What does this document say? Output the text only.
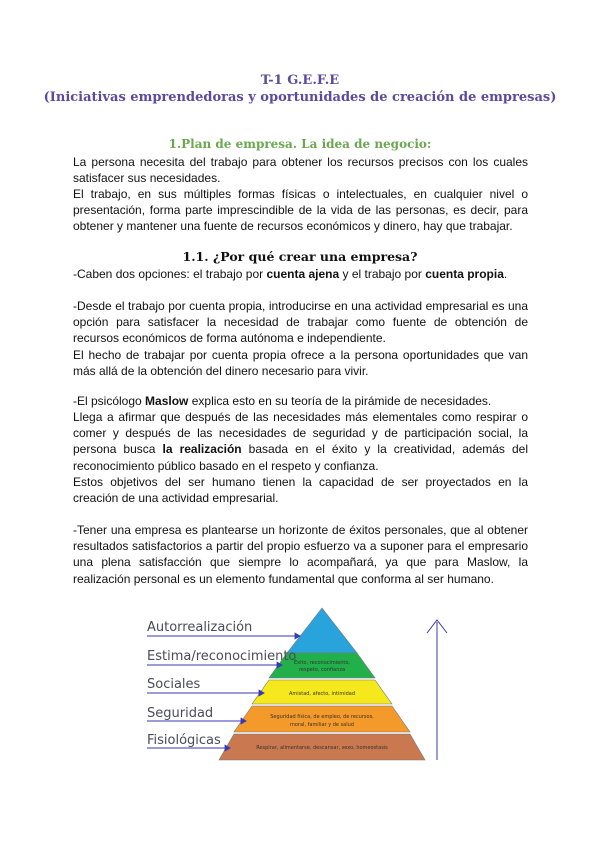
T-1 G.E.F.E

(Iniciativas emprendedoras y oportunidades de creación de empresas)

1.Plan de empresa. La idea de negocio:

La persona necesita del trabajo para obtener los recursos precisos con los cuales satisfacer sus necesidades.

El trabajo, en sus múltiples formas físicas o intelectuales, en cualquier nivel o presentación, forma parte imprescindible de la vida de las personas, es decir, para obtener y mantener una fuente de recursos económicos y dinero, hay que trabajar.

1.1. ¿Por qué crear una empresa?

-Caben dos opciones: el trabajo por cuenta ajena y el trabajo por cuenta propia.

-Desde el trabajo por cuenta propia, introducirse en una actividad empresarial es una opción para satisfacer la necesidad de trabajar como fuente de obtención de recursos económicos de forma autónoma e independiente.

El hecho de trabajar por cuenta propia ofrece a la persona oportunidades que van más allá de la obtención del dinero necesario para vivir.

-El psicólogo Maslow explica esto en su teoría de la pirámide de necesidades.

Llega a afirmar que después de las necesidades más elementales como respirar o comer y después de las necesidades de seguridad y de participación social, la persona busca la realización basada en el éxito y la creatividad, además del reconocimiento público basado en el respeto y confianza.

Estos objetivos del ser humano tienen la capacidad de ser proyectados en la creación de una actividad empresarial.

-Tener una empresa es plantearse un horizonte de éxitos personales, que al obtener resultados satisfactorios a partir del propio esfuerzo va a suponer para el empresario una plena satisfacción que siempre lo acompañará, ya que para Maslow, la realización personal es un elemento fundamental que conforma al ser humano.

Éxito, reconocimiento,
respeto, confianza
Amistad, afecto, intimidad
Seguridad física, de empleo, de recursos,
moral, familiar y de salud
Respirar, alimentarse, descansar, sexo, homeostasis
Autorrealización
Estima/reconocimiento
Sociales
Seguridad
Fisiológicas
